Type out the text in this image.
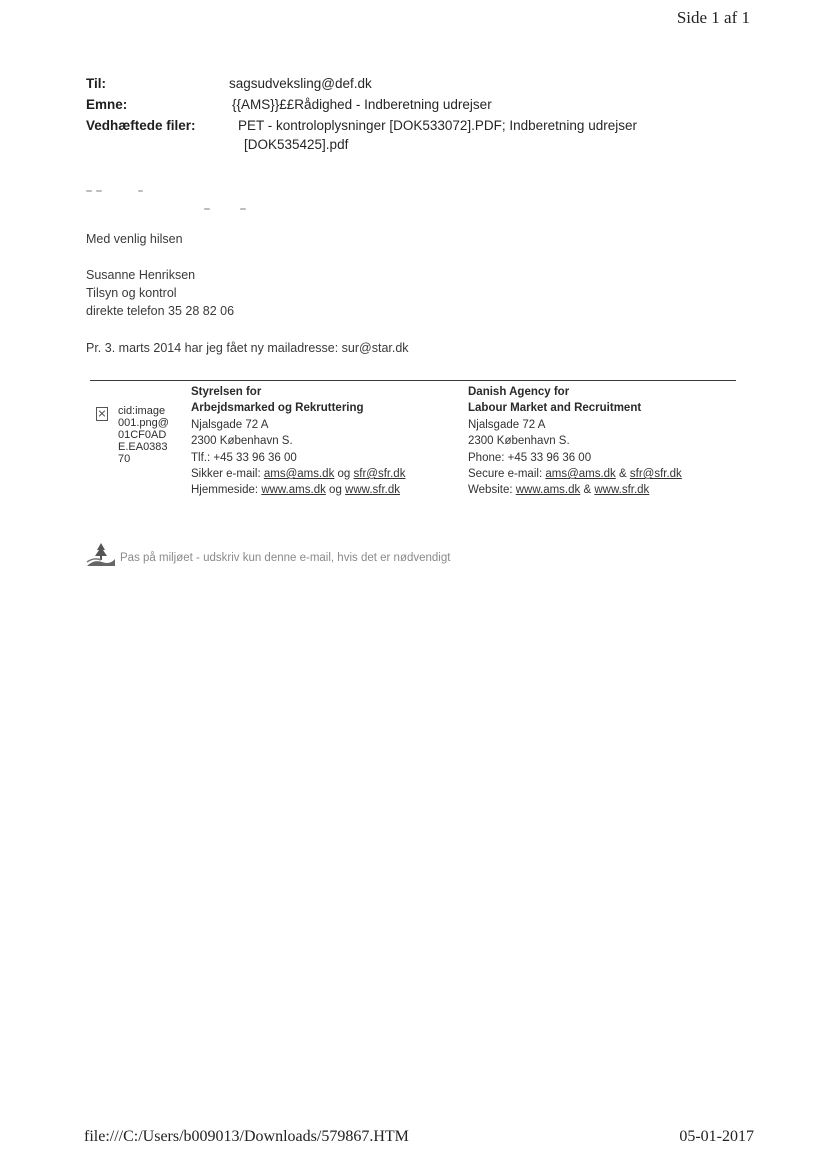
Side 1 af 1
Til:	sagsudveksling@def.dk
Emne:	{{AMS}}££Rådighed - Indberetning udrejser
Vedhæftede filer:	PET - kontroloplysninger [DOK533072].PDF; Indberetning udrejser
[DOK535425].pdf
Med venlig hilsen
Susanne Henriksen
Tilsyn og kontrol
direkte telefon 35 28 82 06
Pr. 3. marts 2014 har jeg fået ny mailadresse: sur@star.dk
cid:image001.png@01CF0ADE.EA038370
Styrelsen for
Arbejdsmarked og Rekruttering
Njalsgade 72 A
2300 København S.
Tlf.: +45 33 96 36 00
Sikker e-mail: ams@ams.dk og sfr@sfr.dk
Hjemmeside: www.ams.dk og www.sfr.dk
Danish Agency for
Labour Market and Recruitment
Njalsgade 72 A
2300 København S.
Phone: +45 33 96 36 00
Secure e-mail: ams@ams.dk & sfr@sfr.dk
Website: www.ams.dk & www.sfr.dk
Pas på miljøet - udskriv kun denne e-mail, hvis det er nødvendigt
file:///C:/Users/b009013/Downloads/579867.HTM	05-01-2017
